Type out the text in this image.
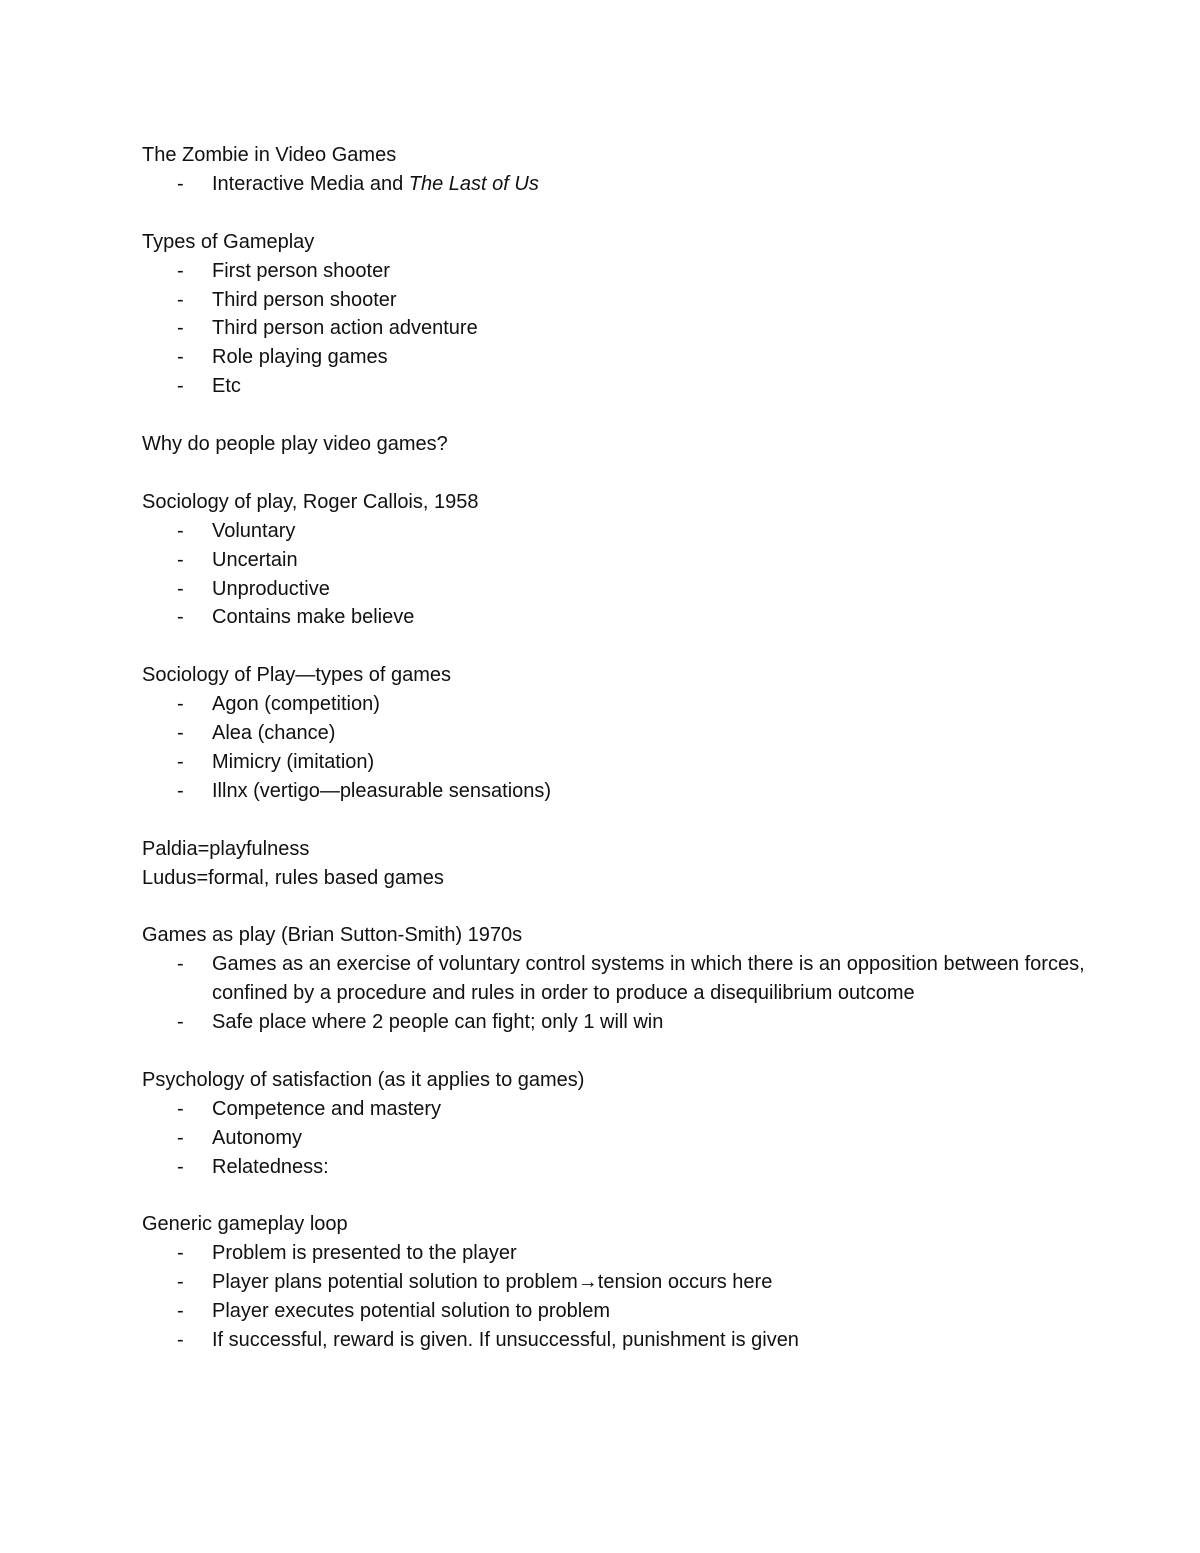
The Zombie in Video Games

- Interactive Media and The Last of Us

Types of Gameplay

- First person shooter
- Third person shooter
- Third person action adventure
- Role playing games
- Etc

Why do people play video games?

Sociology of play, Roger Callois, 1958

- Voluntary
- Uncertain
- Unproductive
- Contains make believe

Sociology of Play—types of games

- Agon (competition)
- Alea (chance)
- Mimicry (imitation)
- Illnx (vertigo—pleasurable sensations)

Paldia=playfulness

Ludus=formal, rules based games

Games as play (Brian Sutton-Smith) 1970s

- Games as an exercise of voluntary control systems in which there is an opposition between forces, confined by a procedure and rules in order to produce a disequilibrium outcome
- Safe place where 2 people can fight; only 1 will win

Psychology of satisfaction (as it applies to games)

- Competence and mastery
- Autonomy
- Relatedness:

Generic gameplay loop

- Problem is presented to the player
- Player plans potential solution to problem→tension occurs here
- Player executes potential solution to problem
- If successful, reward is given. If unsuccessful, punishment is given
